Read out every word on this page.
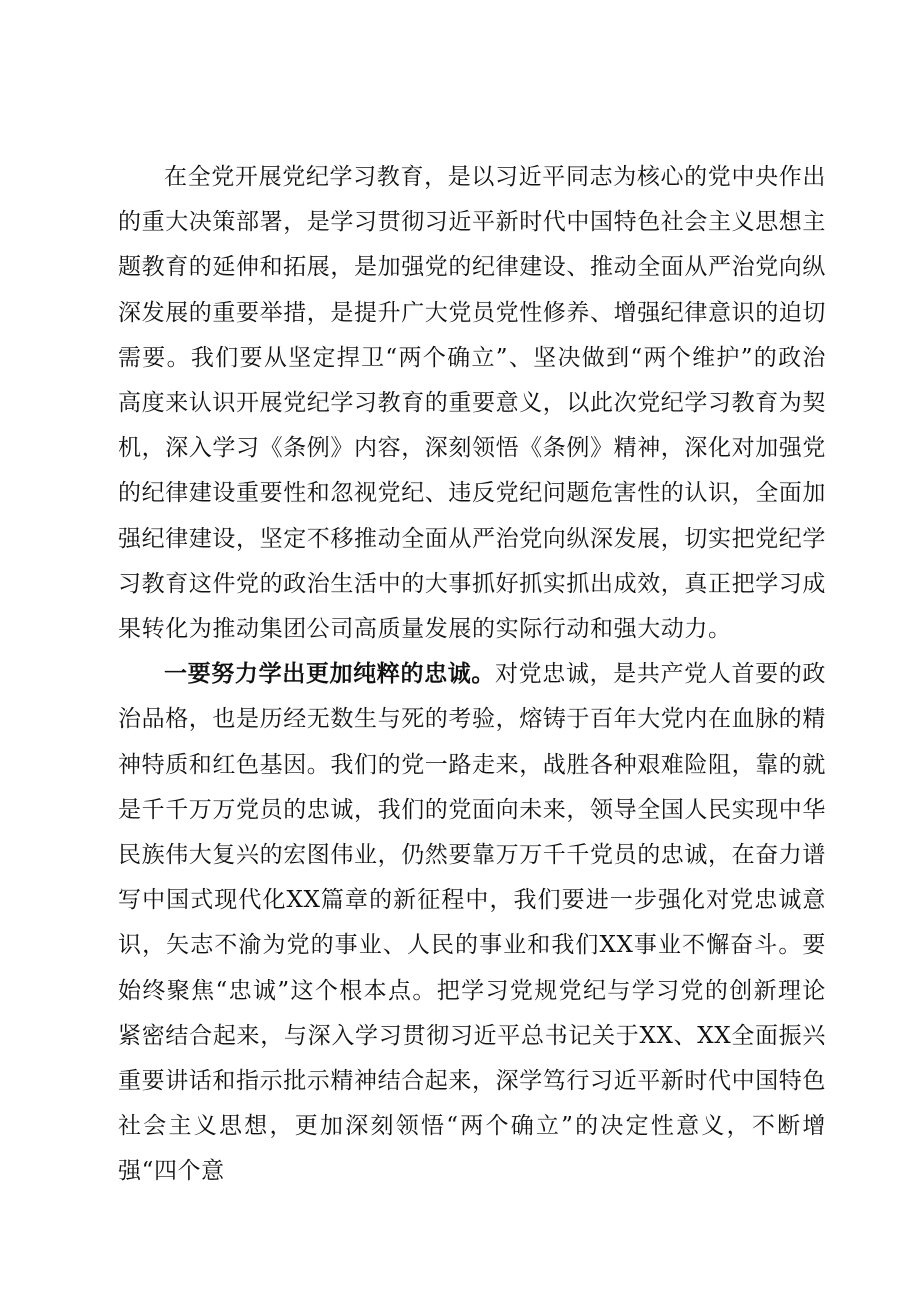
在全党开展党纪学习教育，是以习近平同志为核心的党中央作出的重大决策部署，是学习贯彻习近平新时代中国特色社会主义思想主题教育的延伸和拓展，是加强党的纪律建设、推动全面从严治党向纵深发展的重要举措，是提升广大党员党性修养、增强纪律意识的迫切需要。我们要从坚定捍卫“两个确立”、坚决做到“两个维护”的政治高度来认识开展党纪学习教育的重要意义，以此次党纪学习教育为契机，深入学习《条例》内容，深刻领悟《条例》精神，深化对加强党的纪律建设重要性和忽视党纪、违反党纪问题危害性的认识，全面加强纪律建设，坚定不移推动全面从严治党向纵深发展，切实把党纪学习教育这件党的政治生活中的大事抓好抓实抓出成效，真正把学习成果转化为推动集团公司高质量发展的实际行动和强大动力。

一要努力学出更加纯粹的忠诚。对党忠诚，是共产党人首要的政治品格，也是历经无数生与死的考验，熔铸于百年大党内在血脉的精神特质和红色基因。我们的党一路走来，战胜各种艰难险阻，靠的就是千千万万党员的忠诚，我们的党面向未来，领导全国人民实现中华民族伟大复兴的宏图伟业，仍然要靠万万千千党员的忠诚，在奋力谱写中国式现代化XX篇章的新征程中，我们要进一步强化对党忠诚意识，矢志不渝为党的事业、人民的事业和我们XX事业不懈奋斗。要始终聚焦“忠诚”这个根本点。把学习党规党纪与学习党的创新理论紧密结合起来，与深入学习贯彻习近平总书记关于XX、XX全面振兴重要讲话和指示批示精神结合起来，深学笃行习近平新时代中国特色社会主义思想，更加深刻领悟“两个确立”的决定性意义，不断增强“四个意
